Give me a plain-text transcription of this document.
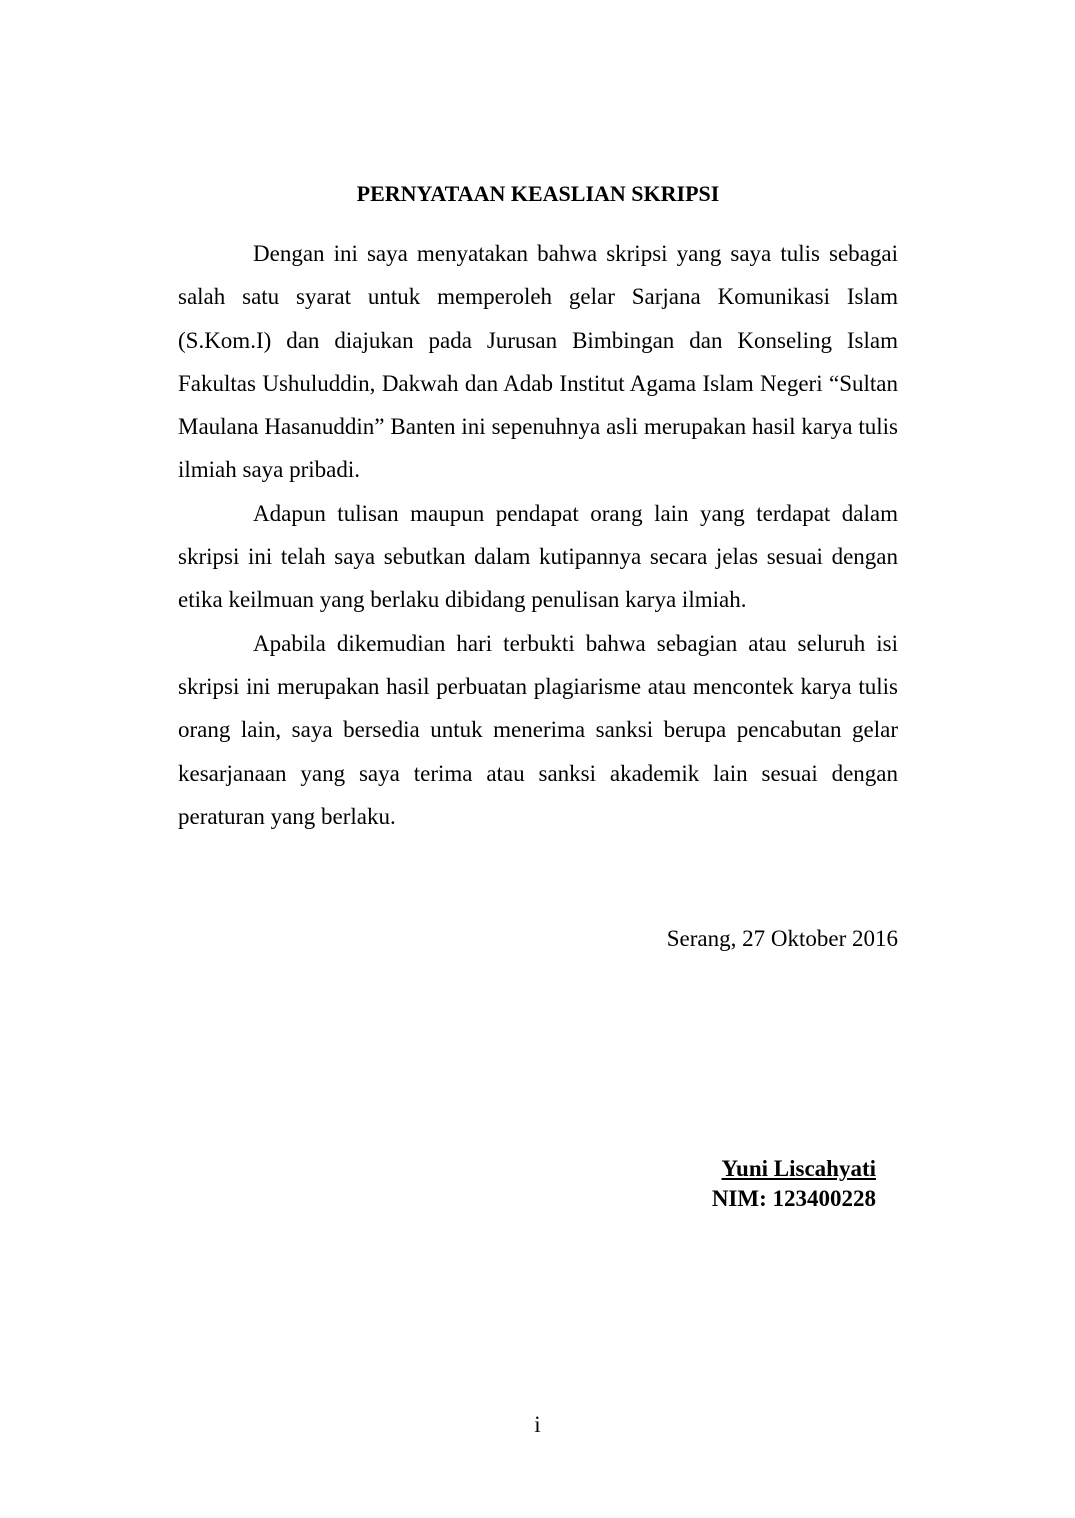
PERNYATAAN KEASLIAN SKRIPSI

Dengan ini saya menyatakan bahwa skripsi yang saya tulis sebagai salah satu syarat untuk memperoleh gelar Sarjana Komunikasi Islam (S.Kom.I) dan diajukan pada Jurusan Bimbingan dan Konseling Islam Fakultas Ushuluddin, Dakwah dan Adab Institut Agama Islam Negeri “Sultan Maulana Hasanuddin” Banten ini sepenuhnya asli merupakan hasil karya tulis ilmiah saya pribadi.

Adapun tulisan maupun pendapat orang lain yang terdapat dalam skripsi ini telah saya sebutkan dalam kutipannya secara jelas sesuai dengan etika keilmuan yang berlaku dibidang penulisan karya ilmiah.

Apabila dikemudian hari terbukti bahwa sebagian atau seluruh isi skripsi ini merupakan hasil perbuatan plagiarisme atau mencontek karya tulis orang lain, saya bersedia untuk menerima sanksi berupa pencabutan gelar kesarjanaan yang saya terima atau sanksi akademik lain sesuai dengan peraturan yang berlaku.

Serang, 27 Oktober 2016

Yuni Liscahyati
NIM: 123400228
i
